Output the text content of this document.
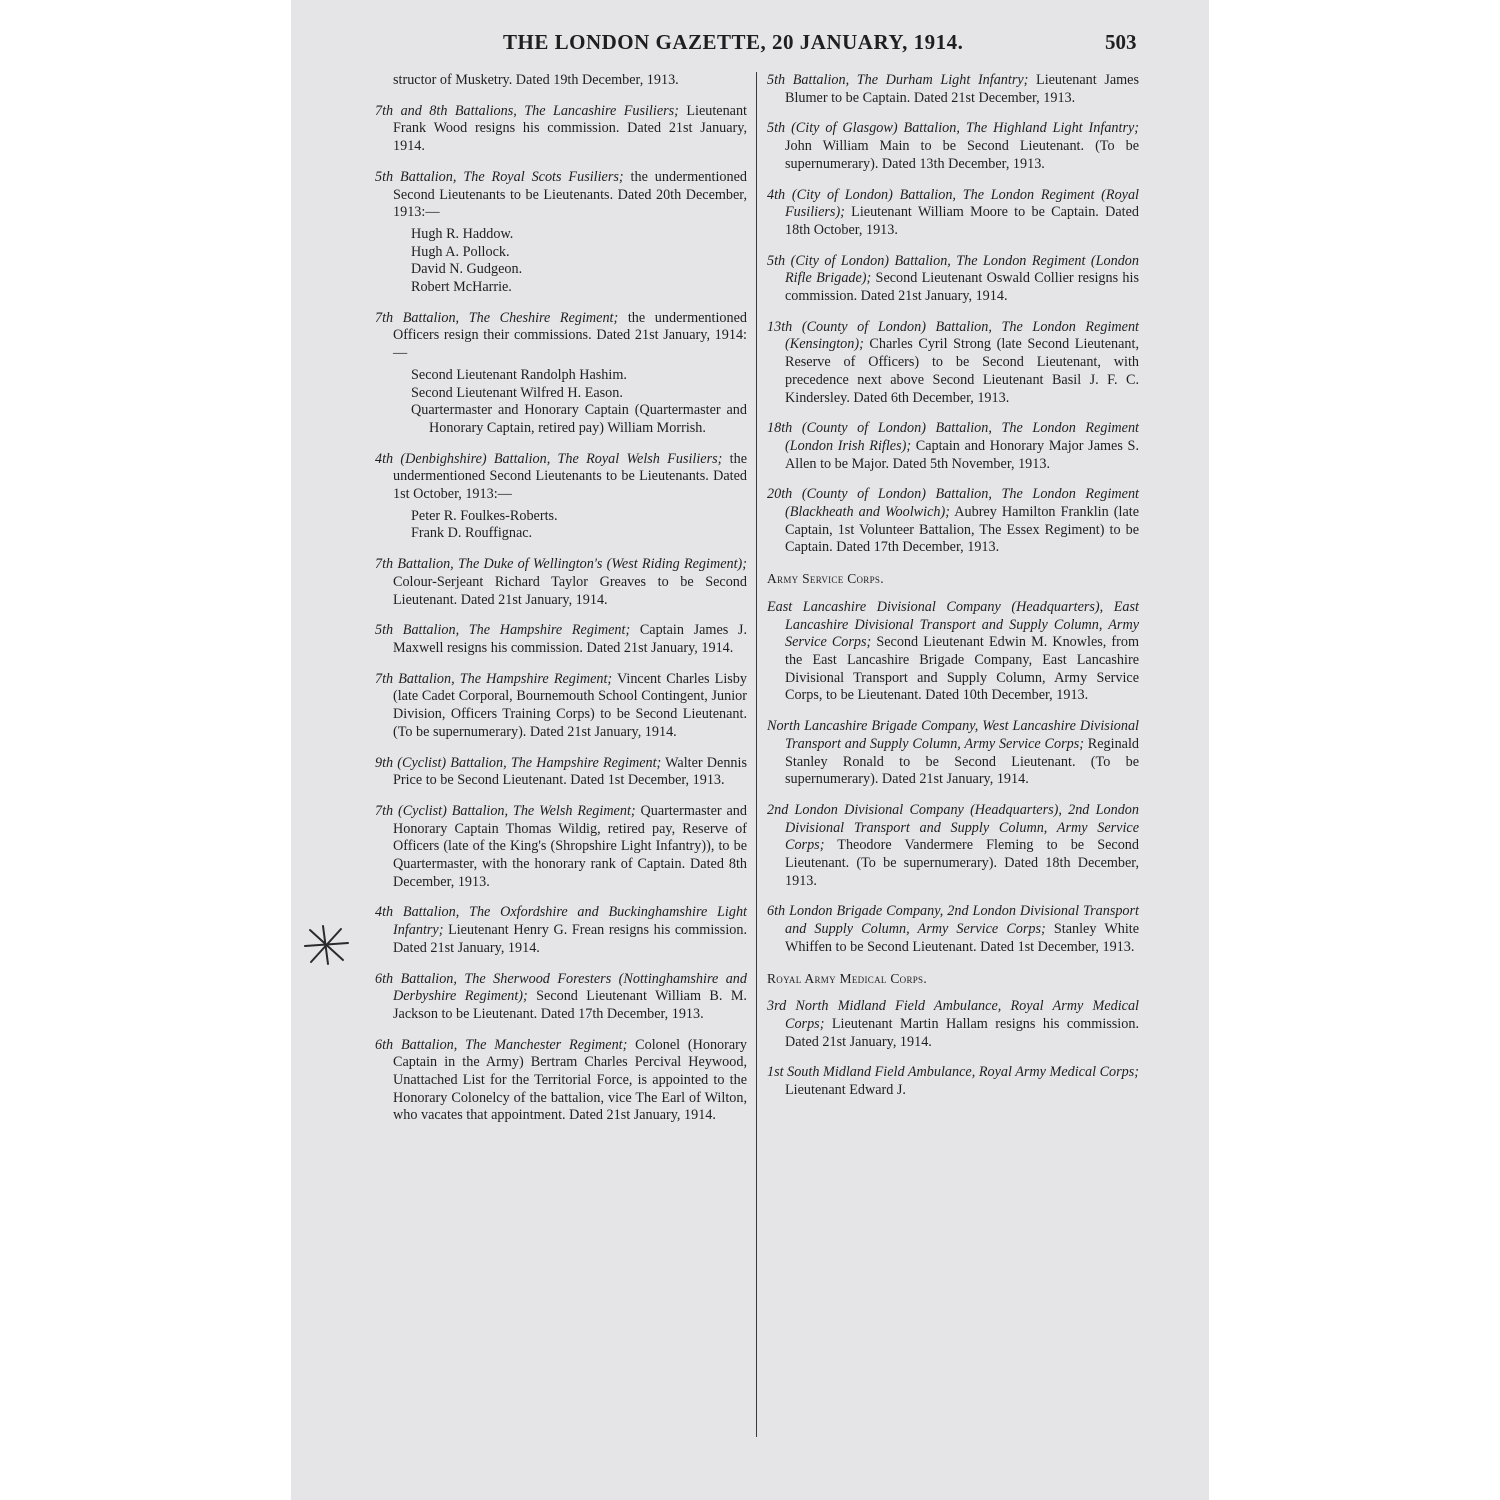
THE LONDON GAZETTE, 20 JANUARY, 1914.	503

structor of Musketry. Dated 19th December, 1913.

7th and 8th Battalions, The Lancashire Fusiliers; Lieutenant Frank Wood resigns his commission. Dated 21st January, 1914.

5th Battalion, The Royal Scots Fusiliers; the undermentioned Second Lieutenants to be Lieutenants. Dated 20th December, 1913:—
Hugh R. Haddow.
Hugh A. Pollock.
David N. Gudgeon.
Robert McHarrie.
7th Battalion, The Cheshire Regiment; the undermentioned Officers resign their commissions. Dated 21st January, 1914:—
Second Lieutenant Randolph Hashim.
Second Lieutenant Wilfred H. Eason.
Quartermaster and Honorary Captain (Quartermaster and Honorary Captain, retired pay) William Morrish.
4th (Denbighshire) Battalion, The Royal Welsh Fusiliers; the undermentioned Second Lieutenants to be Lieutenants. Dated 1st October, 1913:—
Peter R. Foulkes-Roberts.
Frank D. Rouffignac.

7th Battalion, The Duke of Wellington's (West Riding Regiment); Colour-Serjeant Richard Taylor Greaves to be Second Lieutenant. Dated 21st January, 1914.

5th Battalion, The Hampshire Regiment; Captain James J. Maxwell resigns his commission. Dated 21st January, 1914.

7th Battalion, The Hampshire Regiment; Vincent Charles Lisby (late Cadet Corporal, Bournemouth School Contingent, Junior Division, Officers Training Corps) to be Second Lieutenant. (To be supernumerary). Dated 21st January, 1914.

9th (Cyclist) Battalion, The Hampshire Regiment; Walter Dennis Price to be Second Lieutenant. Dated 1st December, 1913.

7th (Cyclist) Battalion, The Welsh Regiment; Quartermaster and Honorary Captain Thomas Wildig, retired pay, Reserve of Officers (late of the King's (Shropshire Light Infantry)), to be Quartermaster, with the honorary rank of Captain. Dated 8th December, 1913.

4th Battalion, The Oxfordshire and Buckinghamshire Light Infantry; Lieutenant Henry G. Frean resigns his commission. Dated 21st January, 1914.

6th Battalion, The Sherwood Foresters (Nottinghamshire and Derbyshire Regiment); Second Lieutenant William B. M. Jackson to be Lieutenant. Dated 17th December, 1913.

6th Battalion, The Manchester Regiment; Colonel (Honorary Captain in the Army) Bertram Charles Percival Heywood, Unattached List for the Territorial Force, is appointed to the Honorary Colonelcy of the battalion, vice The Earl of Wilton, who vacates that appointment. Dated 21st January, 1914.

5th Battalion, The Durham Light Infantry; Lieutenant James Blumer to be Captain. Dated 21st December, 1913.

5th (City of Glasgow) Battalion, The Highland Light Infantry; John William Main to be Second Lieutenant. (To be supernumerary). Dated 13th December, 1913.

4th (City of London) Battalion, The London Regiment (Royal Fusiliers); Lieutenant William Moore to be Captain. Dated 18th October, 1913.

5th (City of London) Battalion, The London Regiment (London Rifle Brigade); Second Lieutenant Oswald Collier resigns his commission. Dated 21st January, 1914.

13th (County of London) Battalion, The London Regiment (Kensington); Charles Cyril Strong (late Second Lieutenant, Reserve of Officers) to be Second Lieutenant, with precedence next above Second Lieutenant Basil J. F. C. Kindersley. Dated 6th December, 1913.

18th (County of London) Battalion, The London Regiment (London Irish Rifles); Captain and Honorary Major James S. Allen to be Major. Dated 5th November, 1913.

20th (County of London) Battalion, The London Regiment (Blackheath and Woolwich); Aubrey Hamilton Franklin (late Captain, 1st Volunteer Battalion, The Essex Regiment) to be Captain. Dated 17th December, 1913.

Army Service Corps.

East Lancashire Divisional Company (Headquarters), East Lancashire Divisional Transport and Supply Column, Army Service Corps; Second Lieutenant Edwin M. Knowles, from the East Lancashire Brigade Company, East Lancashire Divisional Transport and Supply Column, Army Service Corps, to be Lieutenant. Dated 10th December, 1913.

North Lancashire Brigade Company, West Lancashire Divisional Transport and Supply Column, Army Service Corps; Reginald Stanley Ronald to be Second Lieutenant. (To be supernumerary). Dated 21st January, 1914.

2nd London Divisional Company (Headquarters), 2nd London Divisional Transport and Supply Column, Army Service Corps; Theodore Vandermere Fleming to be Second Lieutenant. (To be supernumerary). Dated 18th December, 1913.

6th London Brigade Company, 2nd London Divisional Transport and Supply Column, Army Service Corps; Stanley White Whiffen to be Second Lieutenant. Dated 1st December, 1913.

Royal Army Medical Corps.

3rd North Midland Field Ambulance, Royal Army Medical Corps; Lieutenant Martin Hallam resigns his commission. Dated 21st January, 1914.

1st South Midland Field Ambulance, Royal Army Medical Corps; Lieutenant Edward J.
